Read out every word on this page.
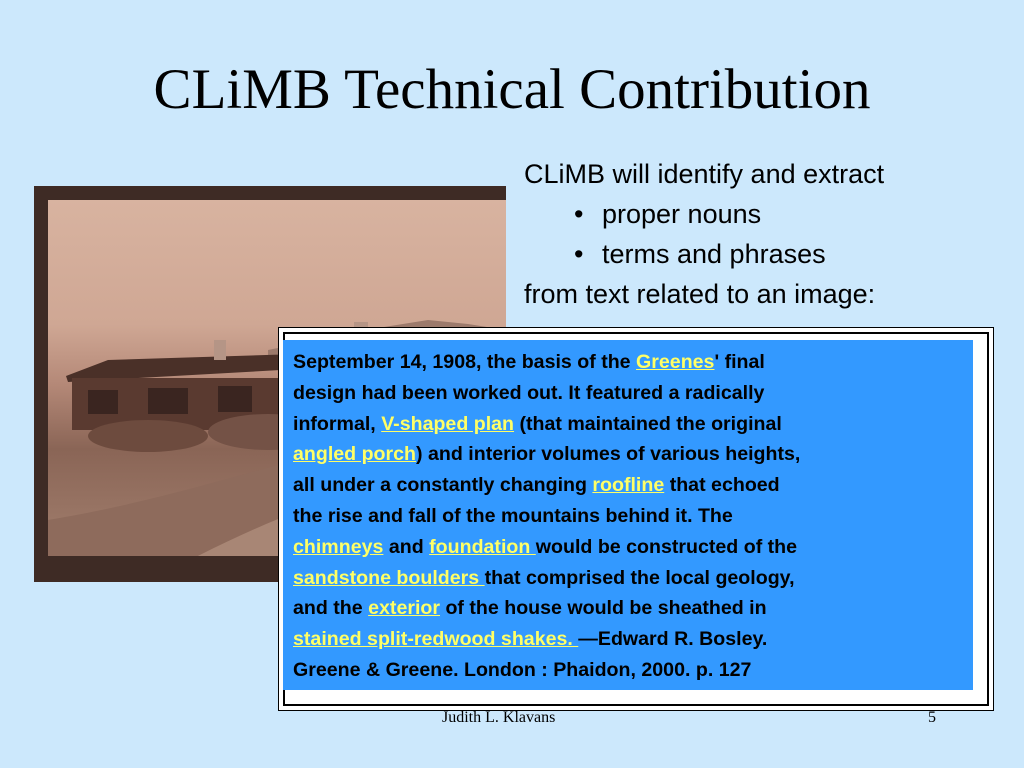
CLiMB Technical Contribution
CLiMB will identify and extract
• proper nouns
• terms and phrases
from text related to an image:
September 14, 1908, the basis of the Greenes' final
design had been worked out. It featured a radically
informal, V-shaped plan (that maintained the original
angled porch) and interior volumes of various heights,
all under a constantly changing roofline that echoed
the rise and fall of the mountains behind it. The
chimneys and foundation would be constructed of the
sandstone boulders that comprised the local geology,
and the exterior of the house would be sheathed in
stained split-redwood shakes. —Edward R. Bosley.
Greene & Greene. London : Phaidon, 2000. p. 127
Judith L. Klavans	5
